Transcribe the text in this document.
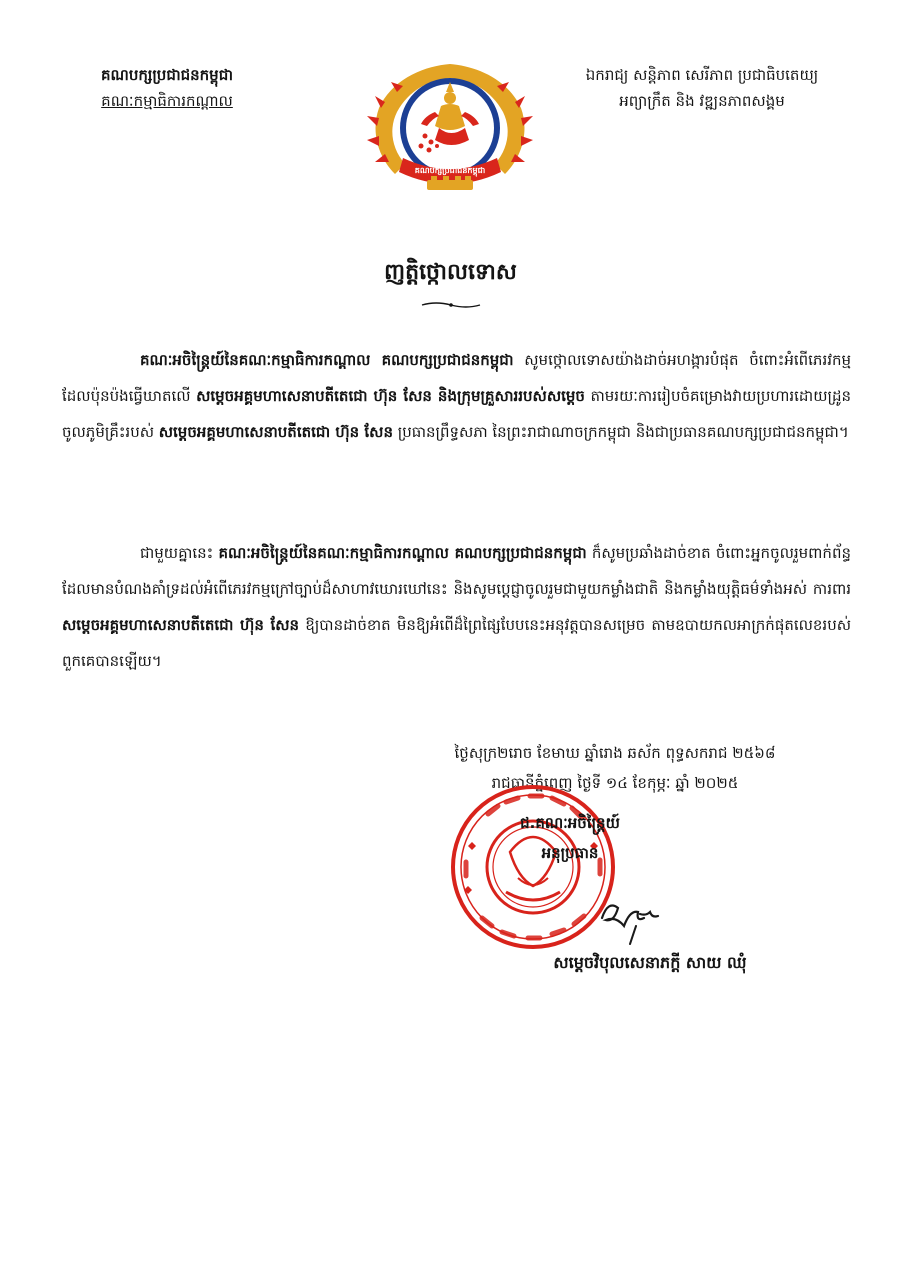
គណបក្សប្រជាជនកម្ពុជា
គណៈកម្មាធិការកណ្ដាល
គណបក្សប្រជាជនកម្ពុជា
ឯករាជ្យ សន្តិភាព សេរីភាព ប្រជាធិបតេយ្យ
អព្យាក្រឹត និង វឌ្ឍនភាពសង្គម
ញត្តិថ្កោលទោស
គណៈអចិន្ត្រៃយ៍នៃគណៈកម្មាធិការកណ្ដាល គណបក្សប្រជាជនកម្ពុជា សូមថ្កោលទោសយ៉ាងដាច់អហង្ការបំផុត ចំពោះអំពើភេរវកម្ម ដែលប៉ុនប៉ងធ្វើឃាតលើ សម្ដេចអគ្គមហាសេនាបតីតេជោ ហ៊ុន សែន និងក្រុមគ្រួសាររបស់សម្ដេច តាមរយៈការរៀបចំគម្រោងវាយប្រហារដោយដ្រូនចូលភូមិគ្រឹះរបស់ សម្ដេចអគ្គមហាសេនាបតីតេជោ ហ៊ុន សែន ប្រធានព្រឹទ្ធសភា នៃព្រះរាជាណាចក្រកម្ពុជា និងជាប្រធានគណបក្សប្រជាជនកម្ពុជា។
ជាមួយគ្នានេះ គណៈអចិន្ត្រៃយ៍នៃគណៈកម្មាធិការកណ្ដាល គណបក្សប្រជាជនកម្ពុជា ក៏សូមប្រឆាំងដាច់ខាត ចំពោះអ្នកចូលរួមពាក់ព័ន្ធ ដែលមានបំណងគាំទ្រដល់អំពើភេរវកម្មក្រៅច្បាប់ដ៏សាហាវឃោរឃៅនេះ និងសូមប្ដេជ្ញាចូលរួមជាមួយកម្លាំងជាតិ និងកម្លាំងយុត្តិធម៌ទាំងអស់ ការពារ សម្ដេចអគ្គមហាសេនាបតីតេជោ ហ៊ុន សែន ឱ្យបានដាច់ខាត មិនឱ្យអំពើដ៏ព្រៃផ្សៃបែបនេះអនុវត្តបានសម្រេច តាមឧបាយកលអាក្រក់ផុតលេខរបស់ពួកគេបានឡើយ។
ថ្ងៃសុក្រ២រោច ខែមាឃ ឆ្នាំរោង ឆស័ក ពុទ្ធសករាជ ២៥៦៨
រាជធានីភ្នំពេញ ថ្ងៃទី ១៤ ខែកុម្ភៈ ឆ្នាំ ២០២៥
ជ.គណៈអចិន្ត្រៃយ៍
អនុប្រធាន
សម្ដេចវិបុលសេនាភក្ដី សាយ ឈុំ
